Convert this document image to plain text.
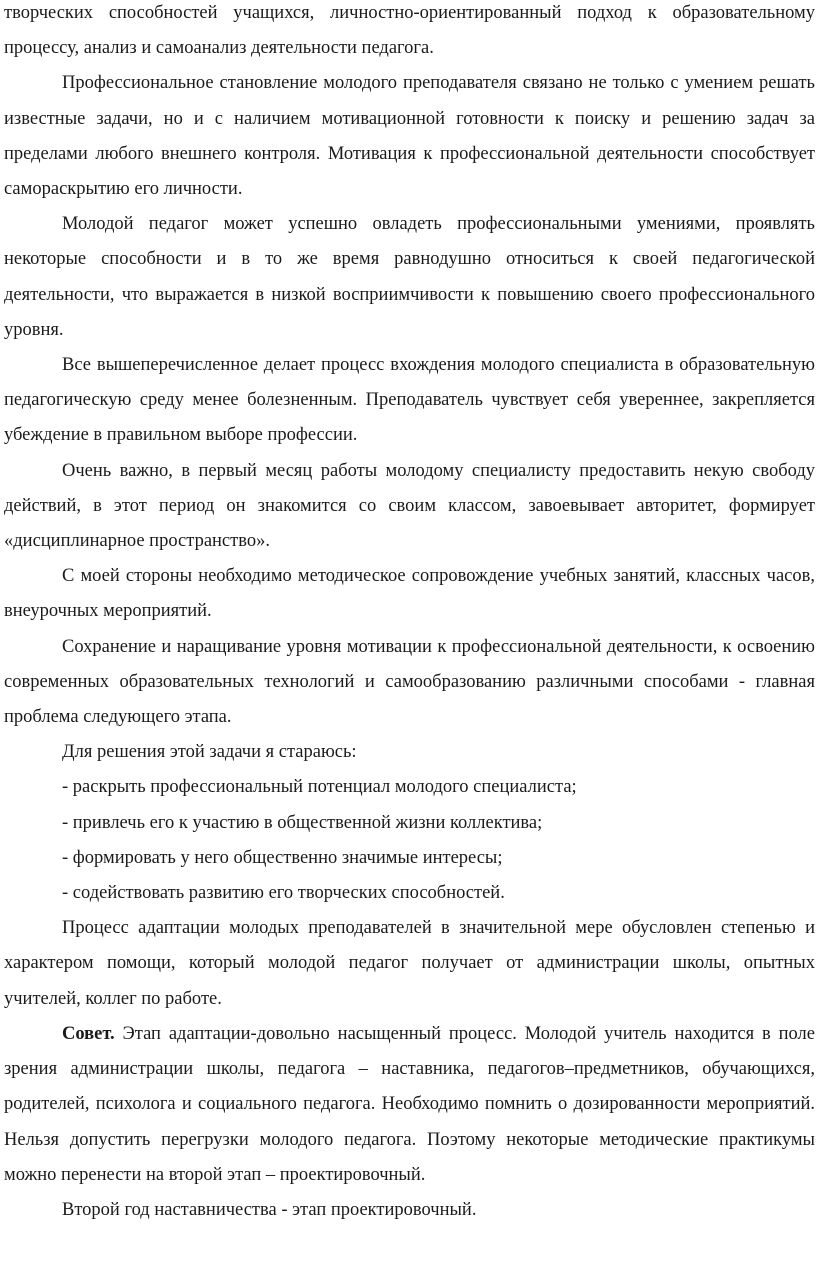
творческих способностей учащихся, личностно-ориентированный подход к образовательному процессу, анализ и самоанализ деятельности педагога.

Профессиональное становление молодого преподавателя связано не только с умением решать известные задачи, но и с наличием мотивационной готовности к поиску и решению задач за пределами любого внешнего контроля. Мотивация к профессиональной деятельности способствует самораскрытию его личности.

Молодой педагог может успешно овладеть профессиональными умениями, проявлять некоторые способности и в то же время равнодушно относиться к своей педагогической деятельности, что выражается в низкой восприимчивости к повышению своего профессионального уровня.

Все вышеперечисленное делает процесс вхождения молодого специалиста в образовательную педагогическую среду менее болезненным. Преподаватель чувствует себя увереннее, закрепляется убеждение в правильном выборе профессии.

Очень важно, в первый месяц работы молодому специалисту предоставить некую свободу действий, в этот период он знакомится со своим классом, завоевывает авторитет, формирует «дисциплинарное пространство».

С моей стороны необходимо методическое сопровождение учебных занятий, классных часов, внеурочных мероприятий.

Сохранение и наращивание уровня мотивации к профессиональной деятельности, к освоению современных образовательных технологий и самообразованию различными способами - главная проблема следующего этапа.

Для решения этой задачи я стараюсь:

- раскрыть профессиональный потенциал молодого специалиста;

- привлечь его к участию в общественной жизни коллектива;

- формировать у него общественно значимые интересы;

- содействовать развитию его творческих способностей.

Процесс адаптации молодых преподавателей в значительной мере обусловлен степенью и характером помощи, который молодой педагог получает от администрации школы, опытных учителей, коллег по работе.

Совет. Этап адаптации-довольно насыщенный процесс. Молодой учитель находится в поле зрения администрации школы, педагога – наставника, педагогов–предметников, обучающихся, родителей, психолога и социального педагога. Необходимо помнить о дозированности мероприятий. Нельзя допустить перегрузки молодого педагога. Поэтому некоторые методические практикумы можно перенести на второй этап – проектировочный.

Второй год наставничества - этап проектировочный.
